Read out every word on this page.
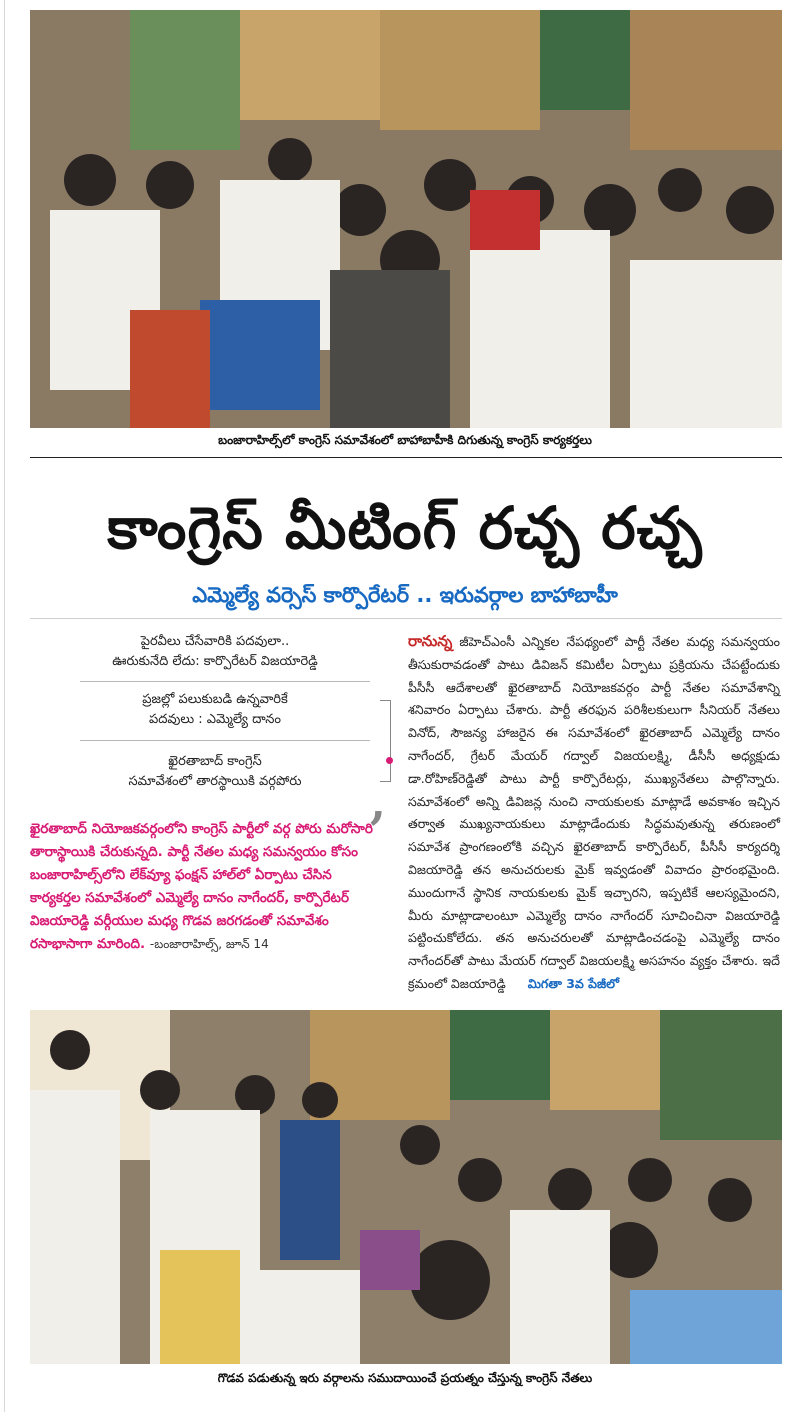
బంజారాహిల్స్‌లో కాంగ్రెస్ సమావేశంలో బాహాబాహీకి దిగుతున్న కాంగ్రెస్ కార్యకర్తలు
కాంగ్రెస్ మీటింగ్ రచ్చ రచ్చ
ఎమ్మెల్యే వర్సెస్ కార్పొరేటర్ .. ఇరువర్గాల బాహాబాహీ
పైరవీలు చేసేవారికి పదవులా..
ఊరుకునేది లేదు: కార్పొరేటర్ విజయారెడ్డి
ప్రజల్లో పలుకుబడి ఉన్నవారికే
పదవులు : ఎమ్మెల్యే దానం
ఖైరతాబాద్ కాంగ్రెస్
సమావేశంలో తారస్థాయికి వర్గపోరు	,
ఖైరతాబాద్ నియోజకవర్గంలోని కాంగ్రెస్ పార్టీలో వర్గ పోరు మరోసారి తారాస్థాయికి చేరుకున్నది. పార్టీ నేతల మధ్య సమన్వయం కోసం బంజారాహిల్స్‌లోని లేక్‌వ్యూ ఫంక్షన్ హాల్‌లో ఏర్పాటు చేసిన కార్యకర్తల సమావేశంలో ఎమ్మెల్యే దానం నాగేందర్, కార్పొరేటర్ విజయారెడ్డి వర్గీయుల మధ్య గొడవ జరగడంతో సమావేశం రసాభాసాగా మారింది. -బంజారాహిల్స్, జూన్ 14
రానున్న జీహెచ్‌ఎంసీ ఎన్నికల నేపథ్యంలో పార్టీ నేతల మధ్య సమన్వయం తీసుకురావడంతో పాటు డివిజన్ కమిటీల ఏర్పాటు ప్రక్రియను చేపట్టేందుకు పీసీసీ ఆదేశాలతో ఖైరతాబాద్ నియోజకవర్గం పార్టీ నేతల సమావేశాన్ని శనివారం ఏర్పాటు చేశారు. పార్టీ తరఫున పరిశీలకులుగా సీనియర్ నేతలు వినోద్, సౌజన్య హాజరైన ఈ సమావేశంలో ఖైరతాబాద్ ఎమ్మెల్యే దానం నాగేందర్, గ్రేటర్ మేయర్ గద్వాల్ విజయలక్ష్మి, డీసీసీ అధ్యక్షుడు డా.రోహిణ్‌రెడ్డితో పాటు పార్టీ కార్పొరేటర్లు, ముఖ్యనేతలు పాల్గొన్నారు. సమావేశంలో అన్ని డివిజన్ల నుంచి నాయకులకు మాట్లాడే అవకాశం ఇచ్చిన తర్వాత ముఖ్యనాయకులు మాట్లాడేందుకు సిద్ధమవుతున్న తరుణంలో సమావేశ ప్రాంగణంలోకి వచ్చిన ఖైరతాబాద్ కార్పొరేటర్, పీసీసీ కార్యదర్శి విజయారెడ్డి తన అనుచరులకు మైక్ ఇవ్వడంతో వివాదం ప్రారంభమైంది. ముందుగానే స్థానిక నాయకులకు మైక్ ఇచ్చారని, ఇప్పటికే ఆలస్యమైందని, మీరు మాట్లాడాలంటూ ఎమ్మెల్యే దానం నాగేందర్ సూచించినా విజయారెడ్డి పట్టించుకోలేదు. తన అనుచరులతో మాట్లాడించడంపై ఎమ్మెల్యే దానం నాగేందర్‌తో పాటు మేయర్ గద్వాల్ విజయలక్ష్మి అసహనం వ్యక్తం చేశారు. ఇదే క్రమంలో విజయారెడ్డి మిగతా 3వ పేజీలో
గొడవ పడుతున్న ఇరు వర్గాలను సముదాయించే ప్రయత్నం చేస్తున్న కాంగ్రెస్ నేతలు
